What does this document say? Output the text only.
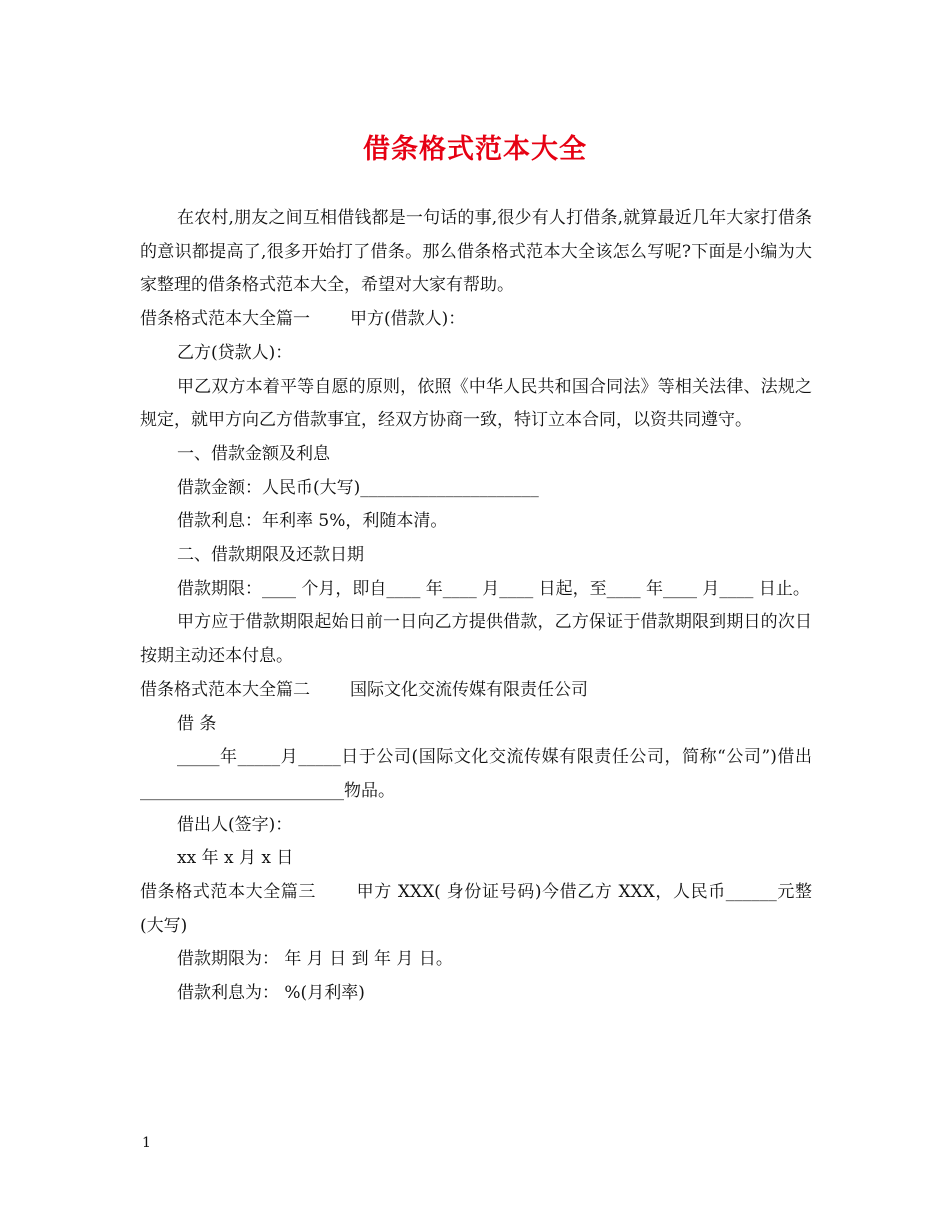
借条格式范本大全

在农村,朋友之间互相借钱都是一句话的事,很少有人打借条,就算最近几年大家打借条的意识都提高了,很多开始打了借条。那么借条格式范本大全该怎么写呢?下面是小编为大家整理的借条格式范本大全，希望对大家有帮助。

借条格式范本大全篇一 甲方(借款人)：

乙方(贷款人)：

甲乙双方本着平等自愿的原则，依照《中华人民共和国合同法》等相关法律、法规之规定，就甲方向乙方借款事宜，经双方协商一致，特订立本合同，以资共同遵守。

一、借款金额及利息

借款金额：人民币(大写)_____________________

借款利息：年利率 5%，利随本清。

二、借款期限及还款日期

借款期限：____ 个月，即自____ 年____ 月____ 日起，至____ 年____ 月____ 日止。

甲方应于借款期限起始日前一日向乙方提供借款，乙方保证于借款期限到期日的次日按期主动还本付息。

借条格式范本大全篇二 国际文化交流传媒有限责任公司

借 条

_____年_____月_____日于公司(国际文化交流传媒有限责任公司，简称“公司”)借出________________________物品。

借出人(签字)：

xx 年 x 月 x 日

借条格式范本大全篇三 甲方 XXX( 身份证号码)今借乙方 XXX，人民币______元整(大写)

借款期限为： 年 月 日 到 年 月 日。

借款利息为： %(月利率)

1
